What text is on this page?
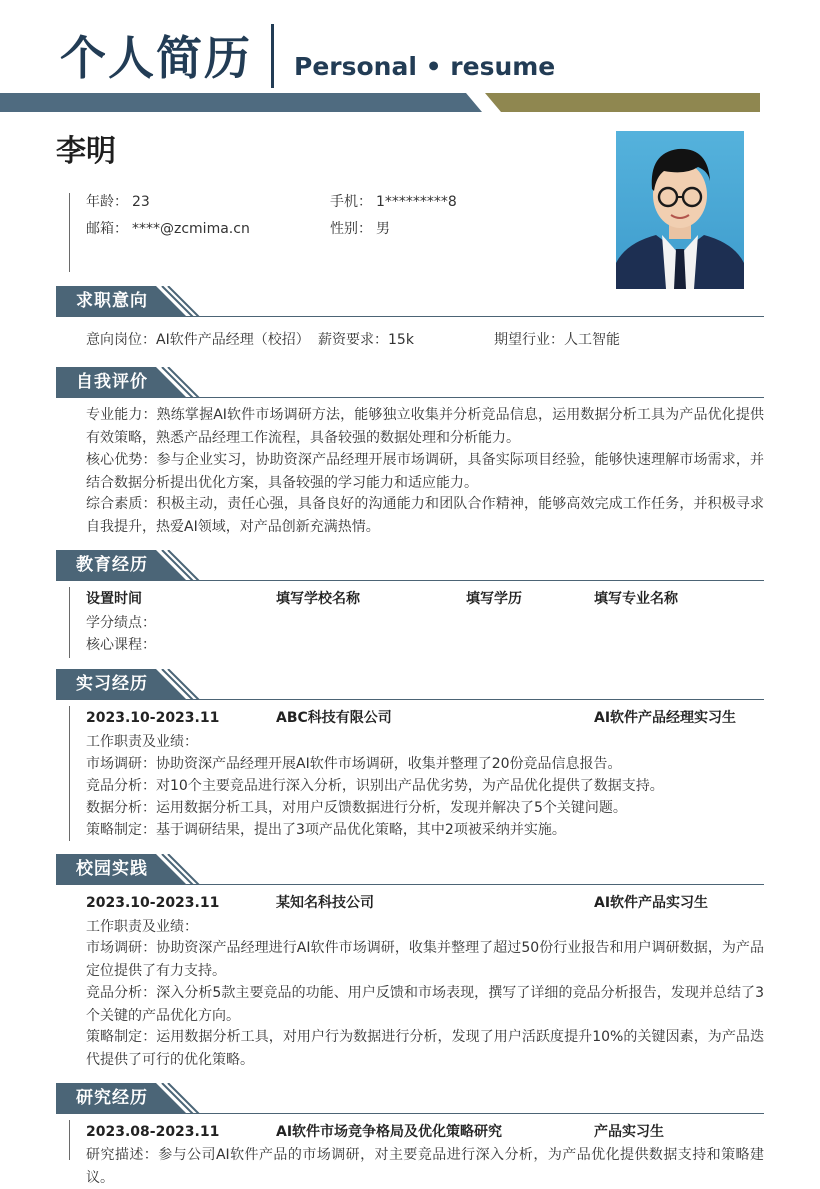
个人简历 Personal • resume
李明
年龄： 23	手机： 1*********8
邮箱： ****@zcmima.cn	性别： 男
求职意向
意向岗位：AI软件产品经理（校招） 薪资要求：15k	期望行业：人工智能
自我评价
专业能力：熟练掌握AI软件市场调研方法，能够独立收集并分析竞品信息，运用数据分析工具为产品优化提供有效策略，熟悉产品经理工作流程，具备较强的数据处理和分析能力。
核心优势：参与企业实习，协助资深产品经理开展市场调研，具备实际项目经验，能够快速理解市场需求，并结合数据分析提出优化方案，具备较强的学习能力和适应能力。
综合素质：积极主动，责任心强，具备良好的沟通能力和团队合作精神，能够高效完成工作任务，并积极寻求自我提升，热爱AI领域，对产品创新充满热情。
教育经历
设置时间	填写学校名称	填写学历	填写专业名称
学分绩点：
核心课程：
实习经历
2023.10-2023.11	ABC科技有限公司	AI软件产品经理实习生
工作职责及业绩：
市场调研：协助资深产品经理开展AI软件市场调研，收集并整理了20份竞品信息报告。
竞品分析：对10个主要竞品进行深入分析，识别出产品优劣势，为产品优化提供了数据支持。
数据分析：运用数据分析工具，对用户反馈数据进行分析，发现并解决了5个关键问题。
策略制定：基于调研结果，提出了3项产品优化策略，其中2项被采纳并实施。
校园实践
2023.10-2023.11	某知名科技公司	AI软件产品实习生
工作职责及业绩：
市场调研：协助资深产品经理进行AI软件市场调研，收集并整理了超过50份行业报告和用户调研数据，为产品定位提供了有力支持。
竞品分析：深入分析5款主要竞品的功能、用户反馈和市场表现，撰写了详细的竞品分析报告，发现并总结了3个关键的产品优化方向。
策略制定：运用数据分析工具，对用户行为数据进行分析，发现了用户活跃度提升10%的关键因素，为产品迭代提供了可行的优化策略。
研究经历
2023.08-2023.11	AI软件市场竞争格局及优化策略研究	产品实习生
研究描述：参与公司AI软件产品的市场调研，对主要竞品进行深入分析，为产品优化提供数据支持和策略建议。
